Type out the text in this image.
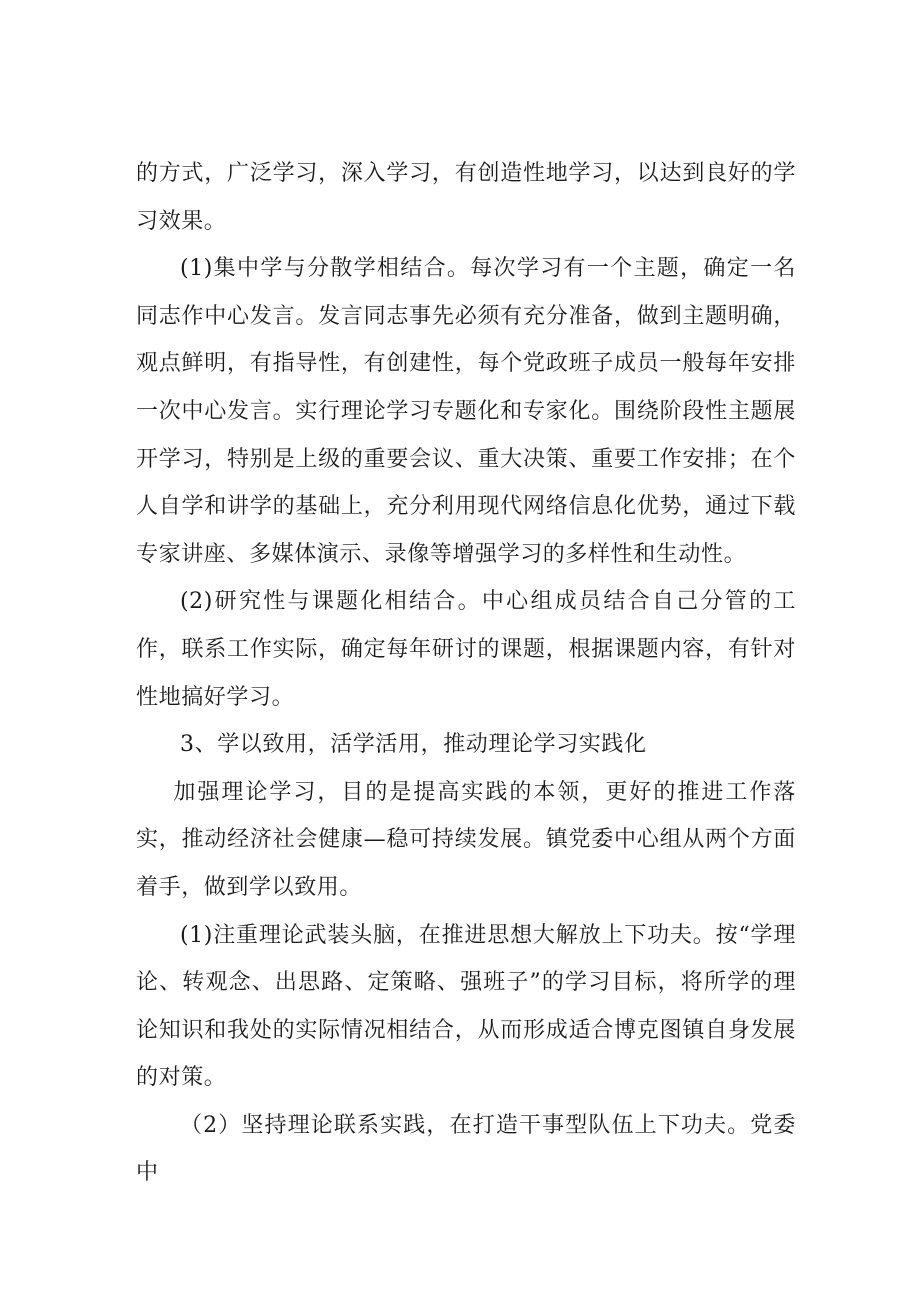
的方式，广泛学习，深入学习，有创造性地学习，以达到良好的学习效果。

(1)集中学与分散学相结合。每次学习有一个主题，确定一名同志作中心发言。发言同志事先必须有充分准备，做到主题明确，观点鲜明，有指导性，有创建性，每个党政班子成员一般每年安排一次中心发言。实行理论学习专题化和专家化。围绕阶段性主题展开学习，特别是上级的重要会议、重大决策、重要工作安排；在个人自学和讲学的基础上，充分利用现代网络信息化优势，通过下载专家讲座、多媒体演示、录像等增强学习的多样性和生动性。

(2)研究性与课题化相结合。中心组成员结合自己分管的工作，联系工作实际，确定每年研讨的课题，根据课题内容，有针对性地搞好学习。

3、学以致用，活学活用，推动理论学习实践化

加强理论学习，目的是提高实践的本领，更好的推进工作落实，推动经济社会健康—稳可持续发展。镇党委中心组从两个方面着手，做到学以致用。

(1)注重理论武装头脑，在推进思想大解放上下功夫。按“学理论、转观念、出思路、定策略、强班子”的学习目标，将所学的理论知识和我处的实际情况相结合，从而形成适合博克图镇自身发展的对策。

（2）坚持理论联系实践，在打造干事型队伍上下功夫。党委中
